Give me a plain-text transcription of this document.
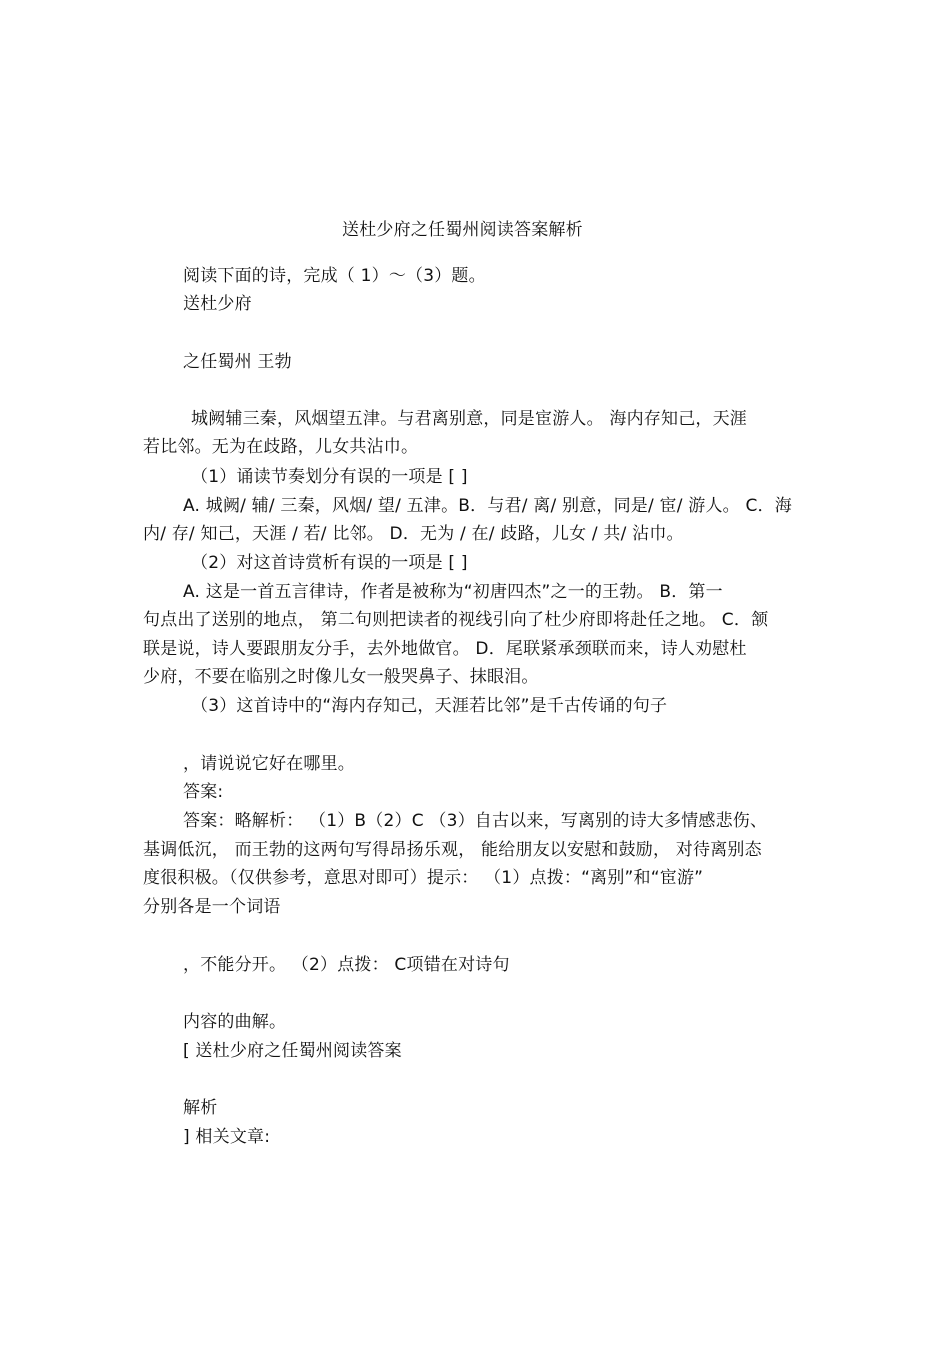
送杜少府之任蜀州阅读答案解析
阅读下面的诗，完成（ 1）～（3）题。
送杜少府
之任蜀州 王勃
城阙辅三秦，风烟望五津。与君离别意，同是宦游人。 海内存知己，天涯
若比邻。无为在歧路，儿女共沾巾。
（1）诵读节奏划分有误的一项是 [ ]
A. 城阙/ 辅/ 三秦，风烟/ 望/ 五津。B．与君/ 离/ 别意，同是/ 宦/ 游人。 C．海
内/ 存/ 知己，天涯 / 若/ 比邻。 D．无为 / 在/ 歧路，儿女 / 共/ 沾巾。
（2）对这首诗赏析有误的一项是 [ ]
A. 这是一首五言律诗，作者是被称为“初唐四杰”之一的王勃。 B．第一
句点出了送别的地点， 第二句则把读者的视线引向了杜少府即将赴任之地。 C．颔
联是说，诗人要跟朋友分手，去外地做官。 D．尾联紧承颈联而来，诗人劝慰杜
少府，不要在临别之时像儿女一般哭鼻子、抹眼泪。
（3）这首诗中的“海内存知己，天涯若比邻”是千古传诵的句子
，请说说它好在哪里。
答案:
答案：略解析： （1）B（2）C （3）自古以来，写离别的诗大多情感悲伤、
基调低沉， 而王勃的这两句写得昂扬乐观， 能给朋友以安慰和鼓励， 对待离别态
度很积极。（仅供参考，意思对即可）提示： （1）点拨：“离别”和“宦游”
分别各是一个词语
，不能分开。 （2）点拨： C项错在对诗句
内容的曲解。
[ 送杜少府之任蜀州阅读答案
解析
] 相关文章:
